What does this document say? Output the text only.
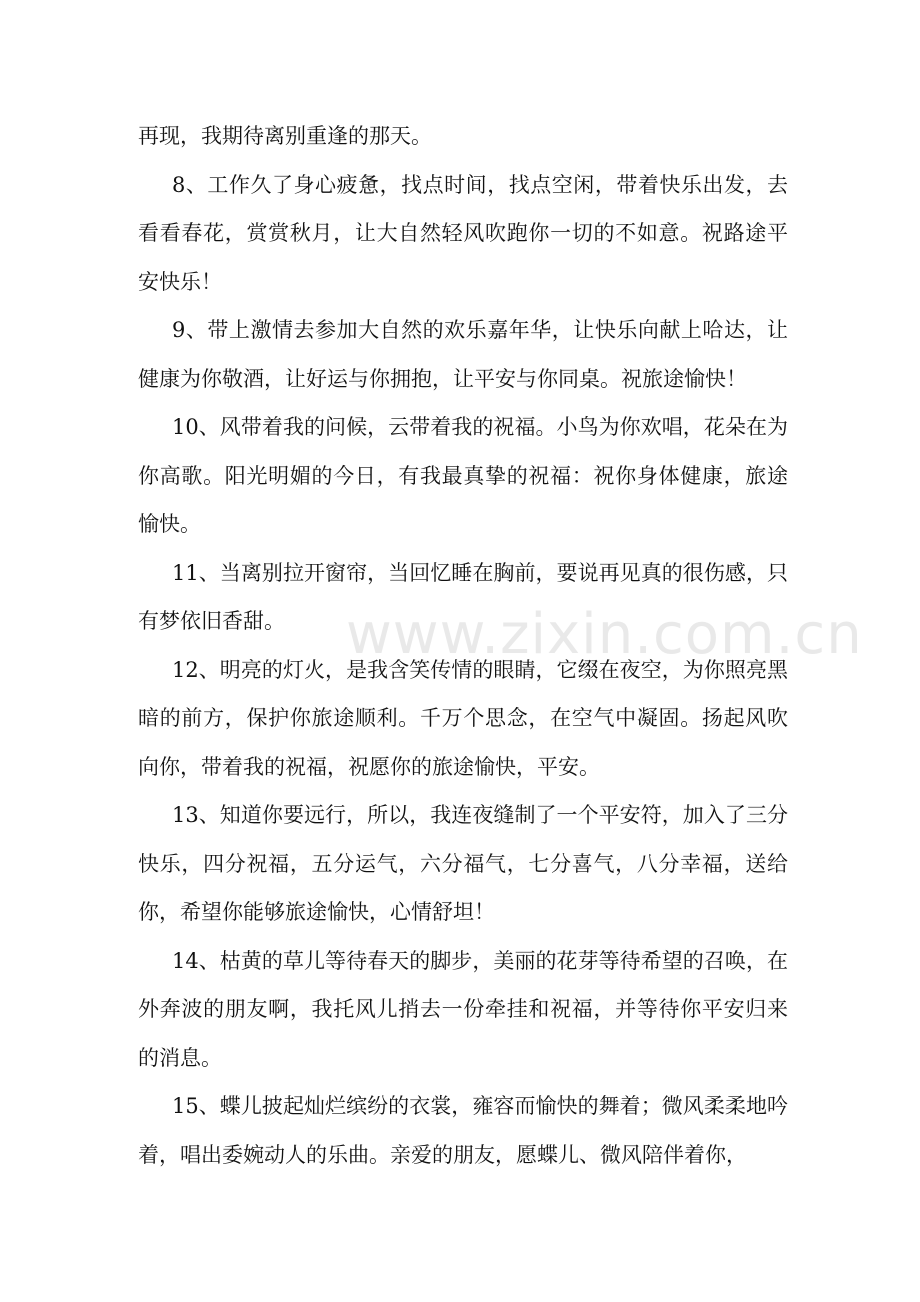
再现，我期待离别重逢的那天。

8、工作久了身心疲惫，找点时间，找点空闲，带着快乐出发，去看看春花，赏赏秋月，让大自然轻风吹跑你一切的不如意。祝路途平安快乐！

9、带上激情去参加大自然的欢乐嘉年华，让快乐向献上哈达，让健康为你敬酒，让好运与你拥抱，让平安与你同桌。祝旅途愉快！

10、风带着我的问候，云带着我的祝福。小鸟为你欢唱，花朵在为你高歌。阳光明媚的今日，有我最真挚的祝福：祝你身体健康，旅途愉快。

11、当离别拉开窗帘，当回忆睡在胸前，要说再见真的很伤感，只有梦依旧香甜。

12、明亮的灯火，是我含笑传情的眼睛，它缀在夜空，为你照亮黑暗的前方，保护你旅途顺利。千万个思念，在空气中凝固。扬起风吹向你，带着我的祝福，祝愿你的旅途愉快，平安。

13、知道你要远行，所以，我连夜缝制了一个平安符，加入了三分快乐，四分祝福，五分运气，六分福气，七分喜气，八分幸福，送给你，希望你能够旅途愉快，心情舒坦！

14、枯黄的草儿等待春天的脚步，美丽的花芽等待希望的召唤，在外奔波的朋友啊，我托风儿捎去一份牵挂和祝福，并等待你平安归来的消息。

15、蝶儿披起灿烂缤纷的衣裳，雍容而愉快的舞着；微风柔柔地吟着，唱出委婉动人的乐曲。亲爱的朋友，愿蝶儿、微风陪伴着你，

www.zixin.com.cn
